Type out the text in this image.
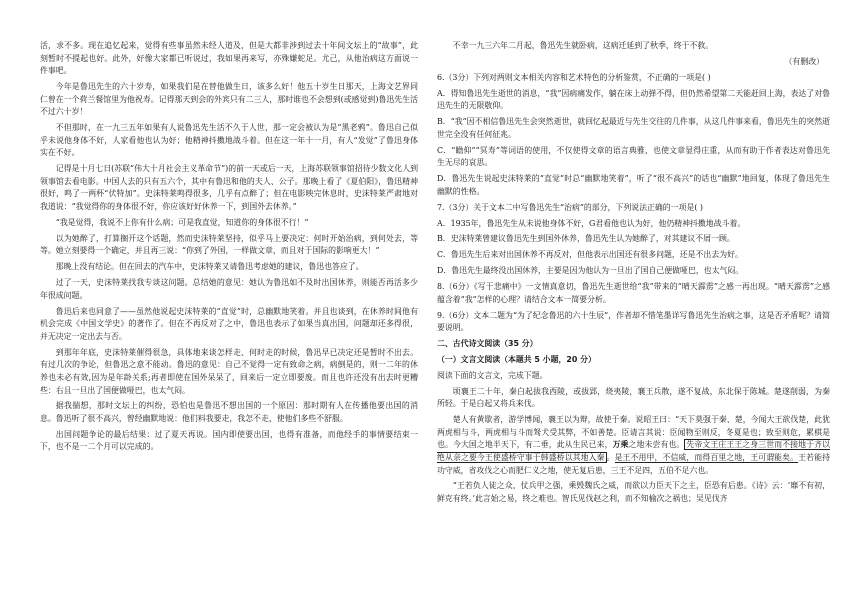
活，求不多。现在追忆起来，觉得有些事虽然未经人道及，但是大都非涉到过去十年间文坛上的“故事”，此刻暂时不提起也好。此外，好像大家都已听说过，我如果再来写，亦殊嫌蛇足。尤己，从他治病这方面说一件事吧。

今年是鲁迅先生的六十岁寿，如果我们是在替他做生日，该多么好！他五十岁生日那天，上海文艺界同仁曾在一个荷兰餐馆里为他祝寿。记得那天到会的外宾只有二三人，那时谁也不会想到(或感觉到)鲁迅先生活不过六十岁！

不但那时，在一九三五年如果有人说鲁迅先生活不久于人世，那一定会被认为是“黑老鸦”。鲁迅自己似乎未说他身体不好，人家看他也认为好；他精神抖擞地战斗着。但在这一年十一月，有人“发觉”了鲁迅身体实在不好。

记得是十月七日(苏联“伟大十月社会主义革命节”)的前一天或后一天，上海苏联领事馆招待少数文化人到领事馆去看电影。中国人去的只有五六个，其中有鲁迅和他的夫人、公子。那晚上看了《夏伯阳》，鲁迅精神很好，鸣了一两杯“伏特加”。史沫特莱鸣得很多，几乎有点醉了；但在电影映完休息时，史沫特莱严肃地对我道说：“我觉得你的身体很不好，你应该好好休养一下，到国外去休养。”

“我是觉得，我说不上你有什么病；可是我直觉，知道你的身体很不行！”

以为她醉了，打算搁开这个话题，然而史沫特莱坚持，似乎马上要决定：何时开始治病，到何处去，等等。她立刻要得一个确定，并且再三说：“你到了外国，一样做文章，而且对于国际的影响更大！”

那晚上没有结论。但在回去的汽车中，史沫特莱又请鲁迅考虑她的建议，鲁迅也答应了。

过了一天，史沫特莱找我专谈这问题。总结她的意见：她认为鲁迅如不及时出国休养，则能否再活多少年很成问题。

鲁迅后来也同意了——虽然他说起史沫特莱的“直觉”时，总幽默地笑着。并且也谈到，在休养时间他有机会完成《中国文学史》的著作了。但在不再反对了之中，鲁迅也表示了如果当真出国，问题却还多得很，并无决定一定出去与否。

到那年年底，史沫特莱催得很急，具体地来谈怎样走、何时走的时候，鲁迅早已决定还是暂时不出去。有过几次的争论，但鲁迅之意不能动。鲁迅的意见：自己不觉得一定有致命之病，病倒是的，则一二年的休养也未必有效,因为是年龄关系;再者即使在国外呆呆了，回来后一定立即要废。而且也许还没有出去时更糟些：右且一旦出了国便做哑巴，也太气闷。

据我揣想，那时文坛上的纠纷，恐怕也是鲁迅不想出国的一个原因：那时期有人在传播他要出国的消息。鲁迅听了很不高兴，曾经幽默地说：他们料我要走，我怎不走，使他们多些不舒服。

出国问题争论的最后结果：过了夏天再说。国内即使要出国，也得有准备，而他经手的事情要结束一下，也不是一二个月可以完成的。

不幸一九三六年二月起，鲁迅先生就卧病，这病迁延到了秋季，终于不救。

（有删改）

6.（3分）下列对两则文本相关内容和艺术特色的分析鉴赏，不正确的一项是( )

A．得知鲁迅先生逝世的消息，“我”因病痛发作，躺在床上动弹不得，但仍然希望第二天能赶回上海，表达了对鲁迅先生的无限敬仰。

B．“我”因不相信鲁迅先生会突然逝世，就回忆起最近与先生交往的几件事，从这几件事来看，鲁迅先生的突然逝世完全没有任何征兆。

C．“瞻仰”“冥寿”等词语的使用，不仅使得文章的语言典雅，也使文章显得庄重，从而有助于作者表达对鲁迅先生无尽的哀思。

D．鲁迅先生说起史沫特莱的“直觉”时总“幽默地笑着”，听了“很不高兴”的话也“幽默”地回复，体现了鲁迅先生幽默的性格。

7.（3分）关于文本二中写鲁迅先生“治病”的部分，下列说法正确的一项是( )

A．1935年，鲁迅先生从未说他身体不好，G君看他也认为好，他仍精神抖擞地战斗着。

B．史沫特莱曾建议鲁迅先生到国外休养，鲁迅先生认为她醉了，对其建议不屑一顾。

C．鲁迅先生后来对出国休养不再反对，但他表示出国还有很多问题，还是不出去为好。

D．鲁迅先生最终没出国休养，主要是因为他认为一旦出了国自己便做哑巴，也太气闷。

8.（6分）《写于悲痛中》一文情真意切，鲁迅先生逝世给“我”带来的“晴天霹雳”之感一再出现。“晴天霹雳”之感蕴含着“我”怎样的心理？请结合文本一简要分析。

9.（6分）文本二题为“为了纪念鲁迅的六十生辰”，作者却不惜笔墨详写鲁迅先生治病之事，这是否矛盾呢？请简要说明。

二、古代诗文阅读（35 分）

（一）文言文阅读（本题共 5 小题，20 分）

阅读下面的文言文，完成下题。

顷襄王二十年，秦白起拔我西陵，或拔郢，烧夷陵，襄王兵散，遂不复战，东北保于陈城。楚遂削弱，为秦所轻。于是白起又将兵来伐。

楚人有黄歇者，游学博闻，襄王以为辩，故使于秦。说昭王曰：“天下莫强于秦、楚，今闻大王欲伐楚，此犹两虎相与斗，两虎相与斗而驽犬受其弊，不如善楚。臣请言其说：臣闻物至则反，冬夏是也；致至则危，累棋是也。今大国之地半天下，有二垂，此从生民已来，万乘之地未尝有也。 先帝文王庄王王之身三世而不接地于齐以绝从亲之要今王使盛桥守事于韩盛桥以其地入秦 。是王不用甲，不信威，而得百里之地，王可谓能矣。王若能持功守威，省攻伐之心而肥仁义之地，使无复后患，三王不足四，五伯不足六也。

“王若负人徒之众，仗兵甲之强，乘毁魏氏之威，而欲以力臣天下之主，臣恐有后患。《诗》云：‘靡不有初，鲜克有终。’此言始之易，终之难也。智氏见伐赵之利，而不知榆次之祸也；吴见伐齐
